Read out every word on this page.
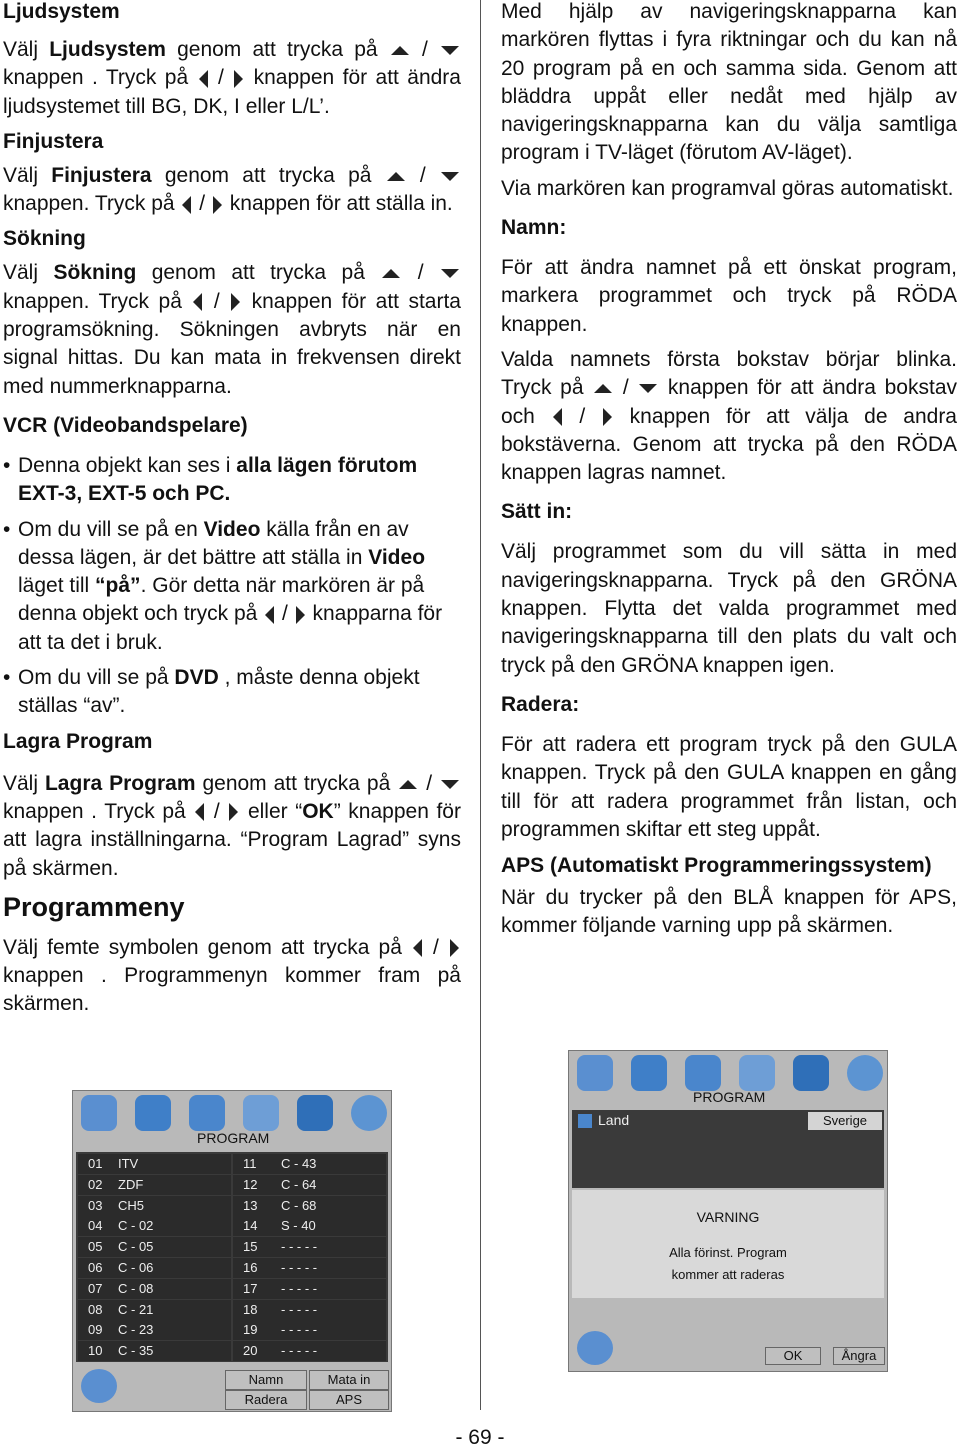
Ljudsystem

Välj Ljudsystem genom att trycka på  /  knappen . Tryck på  /  knappen för att ändra ljudsystemet till BG, DK, I eller L/L’.

Finjustera

Välj Finjustera genom att trycka på  /  knappen. Tryck på  /  knappen för att ställa in.

Sökning

Välj Sökning genom att trycka på  /  knappen. Tryck på  /  knappen för att starta programsökning. Sökningen avbryts när en signal hittas. Du kan mata in frekvensen direkt med nummerknapparna.

VCR (Videobandspelare)

• Denna objekt kan ses i alla lägen förutom EXT-3, EXT-5 och PC.

• Om du vill se på en Video källa från en av dessa lägen, är det bättre att ställa in Video läget till “på”. Gör detta när markören är på denna objekt och tryck på  /  knapparna för att ta det i bruk.

• Om du vill se på DVD , måste denna objekt ställas “av”.

Lagra Program

Välj Lagra Program genom att trycka på  /  knappen . Tryck på  /  eller “OK” knappen för att lagra inställningarna. “Program Lagrad” syns på skärmen.

Programmeny

Välj femte symbolen genom att trycka på  /  knappen . Programmenyn kommer fram på skärmen.

Med hjälp av navigeringsknapparna kan markören flyttas i fyra riktningar och du kan nå 20 program på en och samma sida. Genom att bläddra uppåt eller nedåt med hjälp av navigeringsknapparna kan du välja samtliga program i TV-läget (förutom AV-läget).

Via markören kan programval göras automatiskt.

Namn:

För att ändra namnet på ett önskat program, markera programmet och tryck på RÖDA knappen.

Valda namnets första bokstav börjar blinka. Tryck på  /  knappen för att ändra bokstav och  /  knappen för att välja de andra bokstäverna. Genom att trycka på den RÖDA knappen lagras namnet.

Sätt in:

Välj programmet som du vill sätta in med navigeringsknapparna. Tryck på den GRÖNA knappen. Flytta det valda programmet med navigeringsknapparna till den plats du valt och tryck på den GRÖNA knappen igen.

Radera:

För att radera ett program tryck på den GULA knappen. Tryck på den GULA knappen en gång till för att radera programmet från listan, och programmen skiftar ett steg uppåt.

APS (Automatiskt Programmeringssystem)

När du trycker på den BLÅ knappen för APS, kommer följande varning upp på skärmen.

PROGRAM
01	ITV	11	C - 43
02	ZDF	12	C - 64
03	CH5	13	C - 68
04	C - 02	14	S - 40
05	C - 05	15	- - - - -
06	C - 06	16	- - - - -
07	C - 08	17	- - - - -
08	C - 21	18	- - - - -
09	C - 23	19	- - - - -
10	C - 35	20	- - - - -
Namn	Mata in
Radera	APS
PROGRAM
Land	Sverige
VARNING
Alla förinst. Program
kommer att raderas
OK	Ångra
- 69 -
